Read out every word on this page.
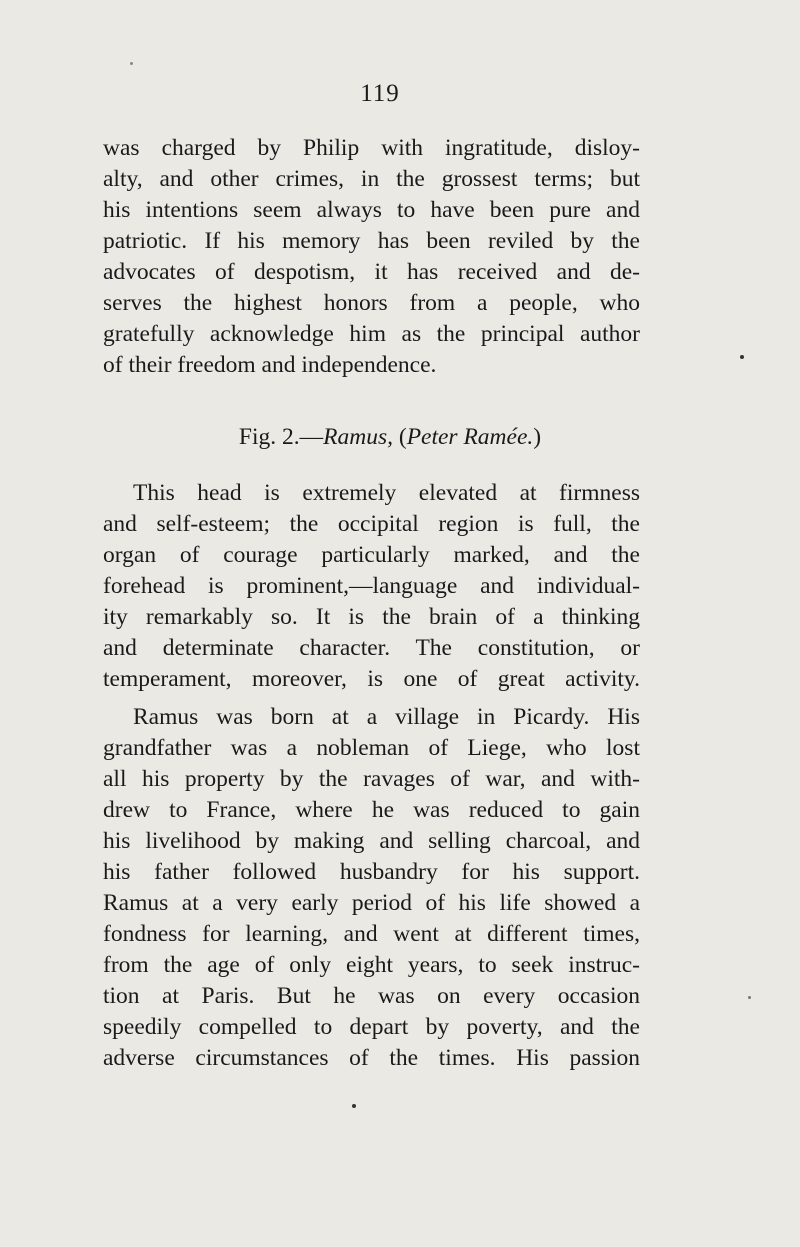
119
was charged by Philip with ingratitude, disloy-
alty, and other crimes, in the grossest terms; but
his intentions seem always to have been pure and
patriotic. If his memory has been reviled by the
advocates of despotism, it has received and de-
serves the highest honors from a people, who
gratefully acknowledge him as the principal author
of their freedom and independence.
Fig. 2.—Ramus, (Peter Ramée.)
This head is extremely elevated at firmness
and self-esteem; the occipital region is full, the
organ of courage particularly marked, and the
forehead is prominent,—language and individual-
ity remarkably so. It is the brain of a thinking
and determinate character. The constitution, or
temperament, moreover, is one of great activity.
Ramus was born at a village in Picardy. His
grandfather was a nobleman of Liege, who lost
all his property by the ravages of war, and with-
drew to France, where he was reduced to gain
his livelihood by making and selling charcoal, and
his father followed husbandry for his support.
Ramus at a very early period of his life showed a
fondness for learning, and went at different times,
from the age of only eight years, to seek instruc-
tion at Paris. But he was on every occasion
speedily compelled to depart by poverty, and the
adverse circumstances of the times. His passion
